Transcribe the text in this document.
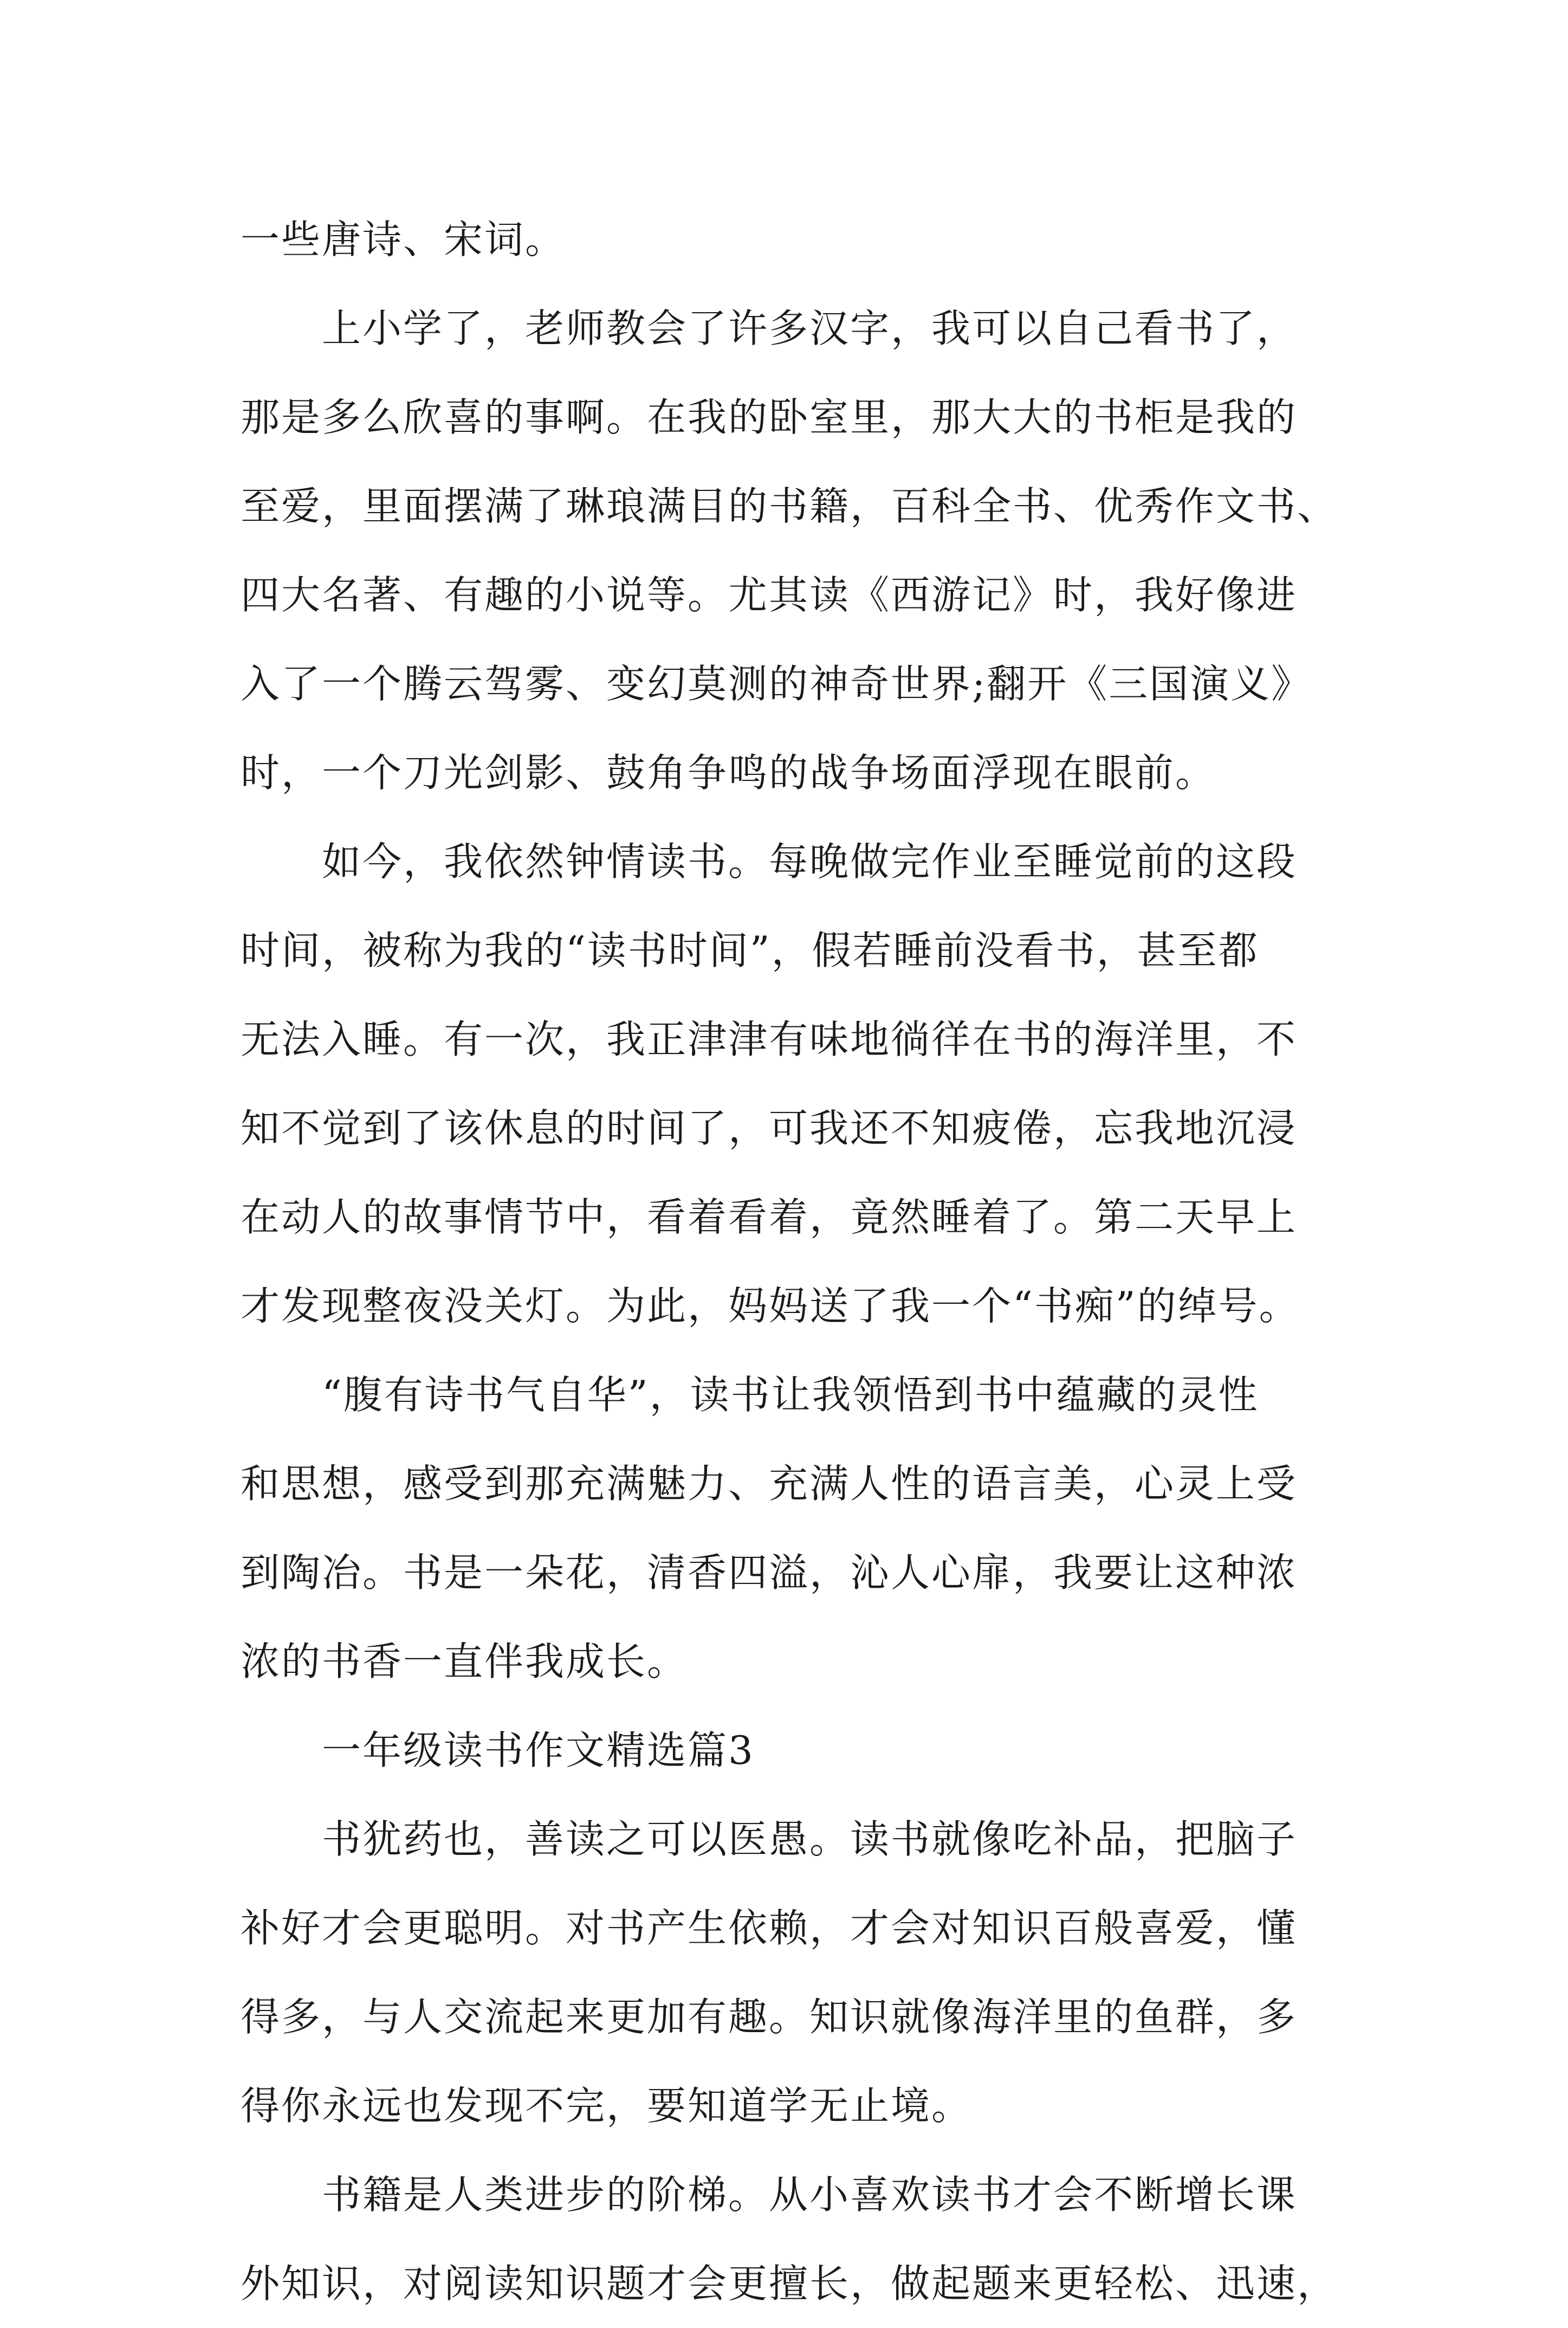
一些唐诗、宋词。
上小学了，老师教会了许多汉字，我可以自己看书了，
那是多么欣喜的事啊。在我的卧室里，那大大的书柜是我的
至爱，里面摆满了琳琅满目的书籍，百科全书、优秀作文书、
四大名著、有趣的小说等。尤其读《西游记》时，我好像进
入了一个腾云驾雾、变幻莫测的神奇世界;翻开《三国演义》
时，一个刀光剑影、鼓角争鸣的战争场面浮现在眼前。
如今，我依然钟情读书。每晚做完作业至睡觉前的这段
时间，被称为我的“读书时间”，假若睡前没看书，甚至都
无法入睡。有一次，我正津津有味地徜徉在书的海洋里，不
知不觉到了该休息的时间了，可我还不知疲倦，忘我地沉浸
在动人的故事情节中，看着看着，竟然睡着了。第二天早上
才发现整夜没关灯。为此，妈妈送了我一个“书痴”的绰号。
“腹有诗书气自华”，读书让我领悟到书中蕴藏的灵性
和思想，感受到那充满魅力、充满人性的语言美，心灵上受
到陶冶。书是一朵花，清香四溢，沁人心扉，我要让这种浓
浓的书香一直伴我成长。
一年级读书作文精选篇3
书犹药也，善读之可以医愚。读书就像吃补品，把脑子
补好才会更聪明。对书产生依赖，才会对知识百般喜爱，懂
得多，与人交流起来更加有趣。知识就像海洋里的鱼群，多
得你永远也发现不完，要知道学无止境。
书籍是人类进步的阶梯。从小喜欢读书才会不断增长课
外知识，对阅读知识题才会更擅长，做起题来更轻松、迅速，
